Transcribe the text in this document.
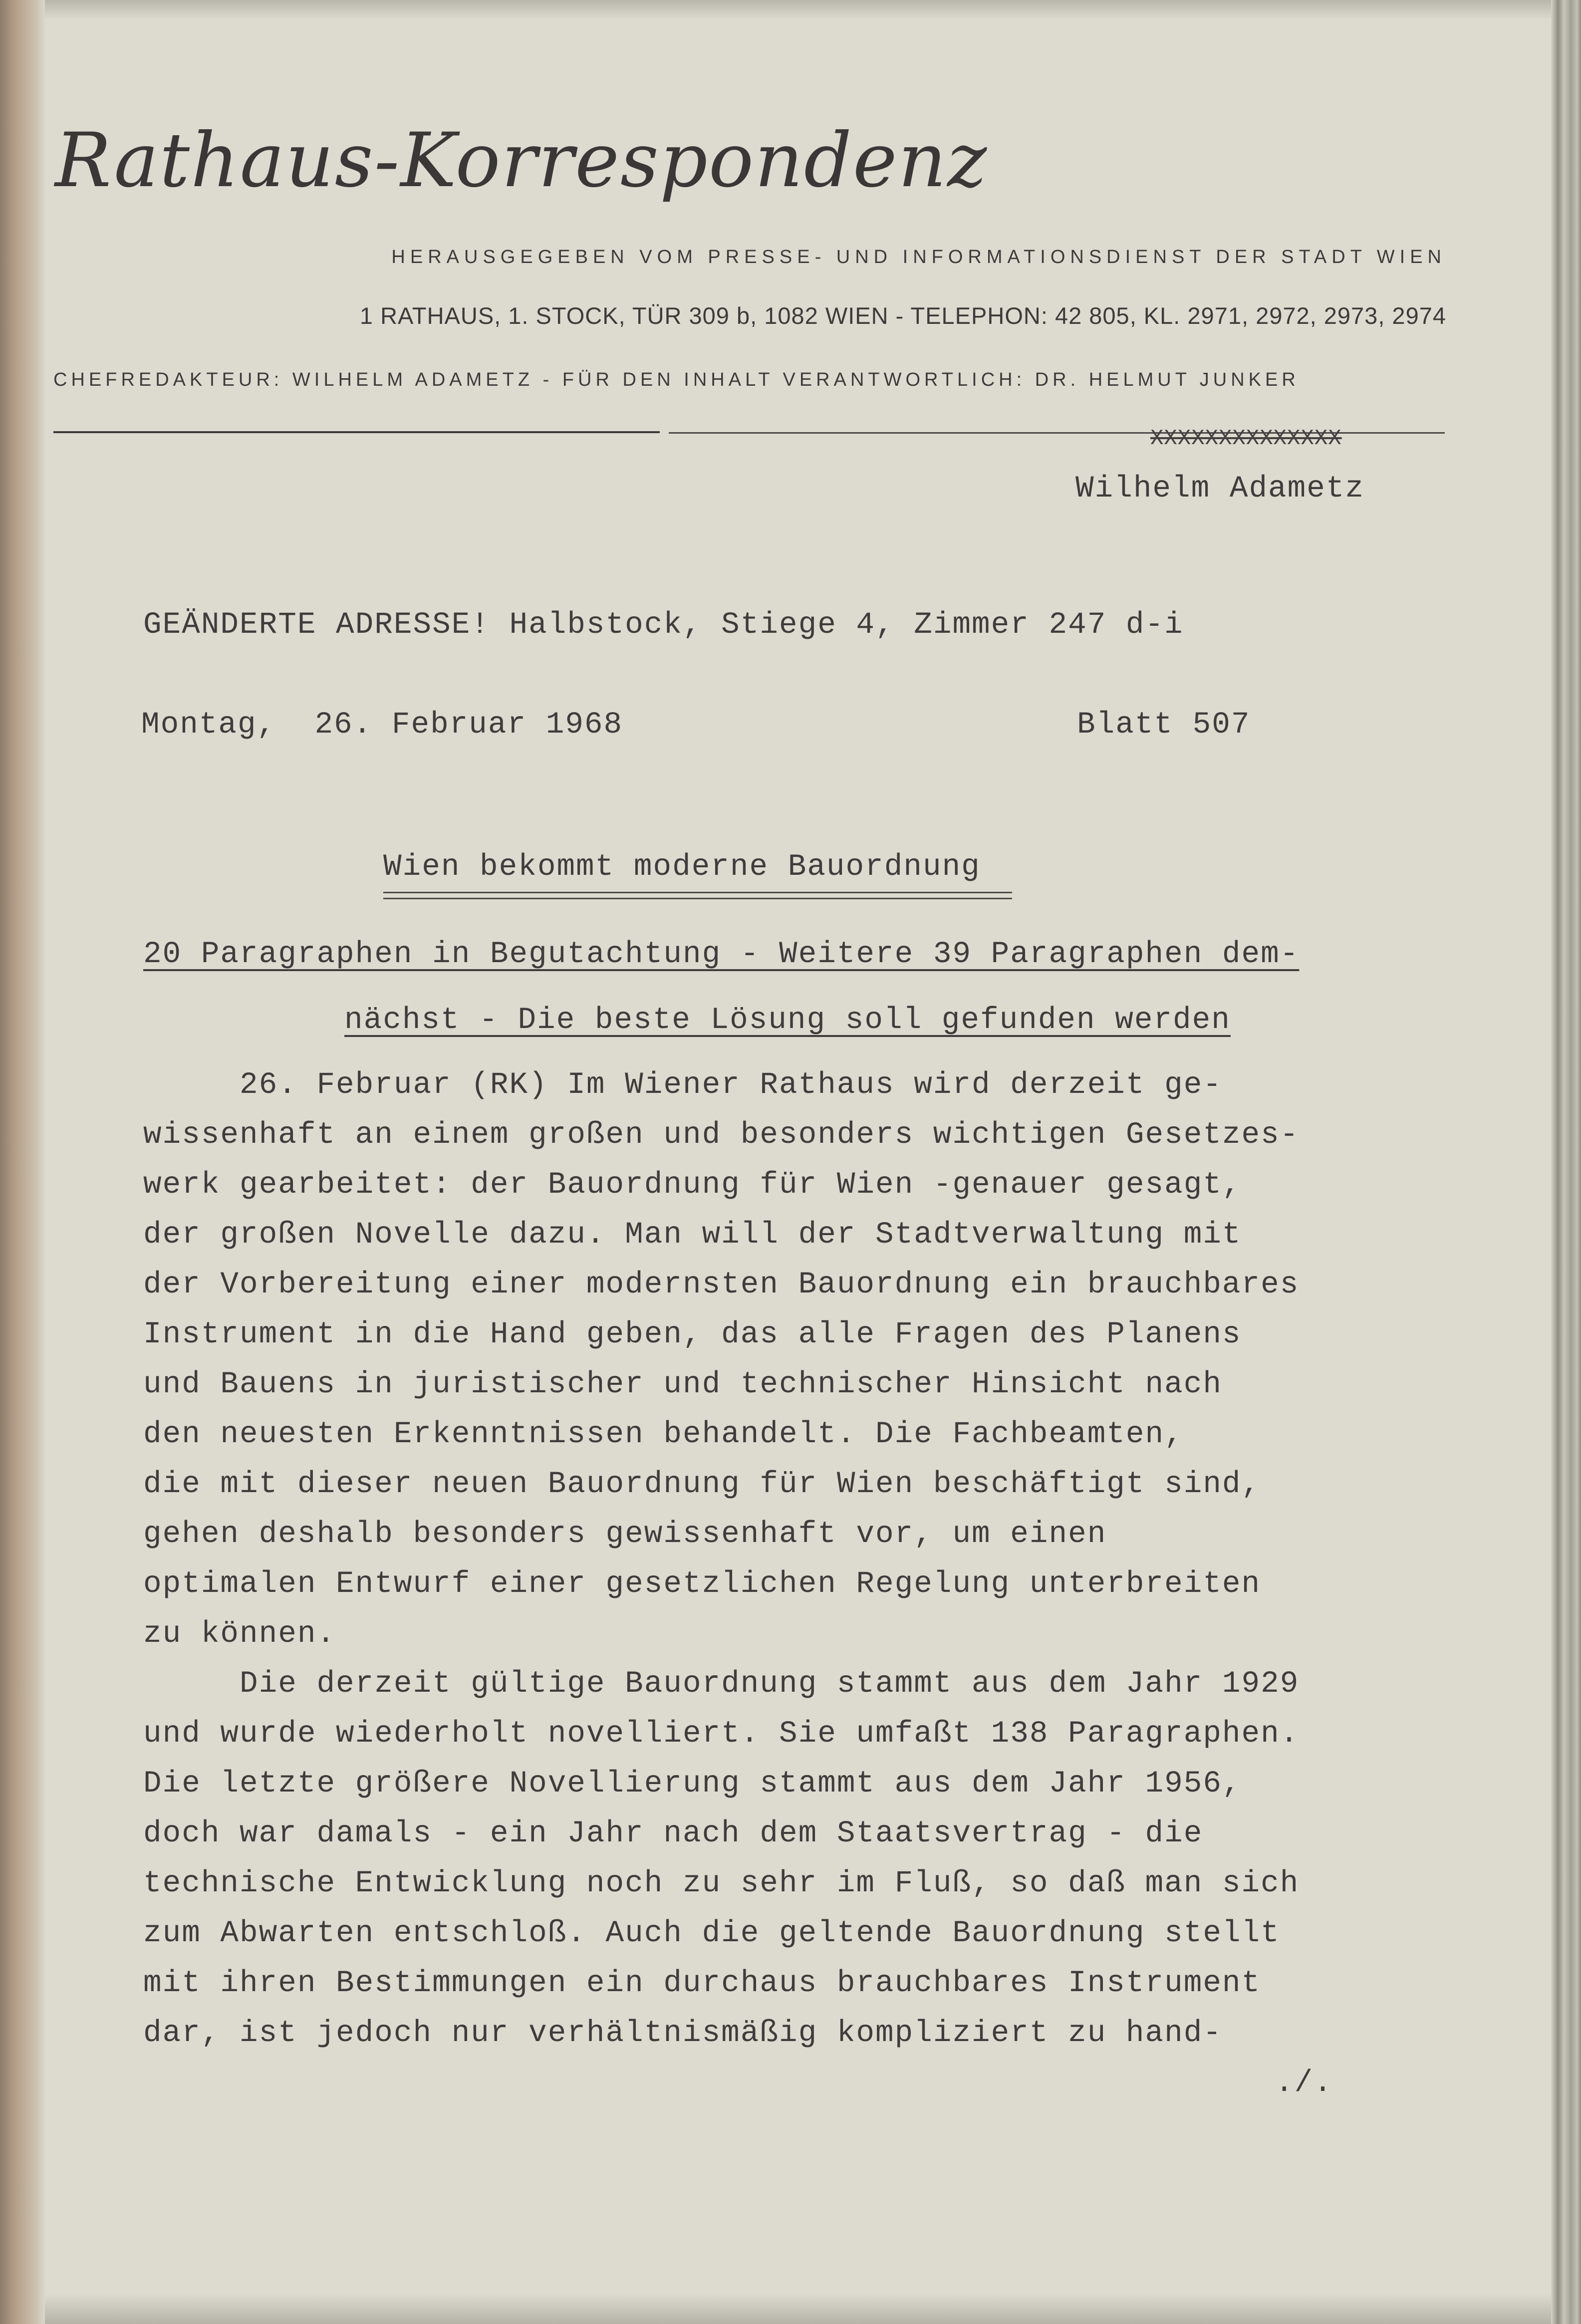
Rathaus-Korrespondenz
HERAUSGEGEBEN VOM PRESSE- UND INFORMATIONSDIENST DER STADT WIEN
1 RATHAUS, 1. STOCK, TÜR 309 b, 1082 WIEN - TELEPHON: 42 805, KL. 2971, 2972, 2973, 2974
CHEFREDAKTEUR: WILHELM ADAMETZ - FÜR DEN INHALT VERANTWORTLICH: DR. HELMUT JUNKER
XXXXXXXXXXXXXX
Wilhelm Adametz
GEÄNDERTE ADRESSE! Halbstock, Stiege 4, Zimmer 247 d-i
Montag,  26. Februar 1968	Blatt 507
Wien bekommt moderne Bauordnung
20 Paragraphen in Begutachtung - Weitere 39 Paragraphen dem-
nächst - Die beste Lösung soll gefunden werden
26. Februar (RK) Im Wiener Rathaus wird derzeit ge-
wissenhaft an einem großen und besonders wichtigen Gesetzes-
werk gearbeitet: der Bauordnung für Wien -genauer gesagt,
der großen Novelle dazu. Man will der Stadtverwaltung mit
der Vorbereitung einer modernsten Bauordnung ein brauchbares
Instrument in die Hand geben, das alle Fragen des Planens
und Bauens in juristischer und technischer Hinsicht nach
den neuesten Erkenntnissen behandelt. Die Fachbeamten,
die mit dieser neuen Bauordnung für Wien beschäftigt sind,
gehen deshalb besonders gewissenhaft vor, um einen
optimalen Entwurf einer gesetzlichen Regelung unterbreiten
zu können.
Die derzeit gültige Bauordnung stammt aus dem Jahr 1929
und wurde wiederholt novelliert. Sie umfaßt 138 Paragraphen.
Die letzte größere Novellierung stammt aus dem Jahr 1956,
doch war damals - ein Jahr nach dem Staatsvertrag - die
technische Entwicklung noch zu sehr im Fluß, so daß man sich
zum Abwarten entschloß. Auch die geltende Bauordnung stellt
mit ihren Bestimmungen ein durchaus brauchbares Instrument
dar, ist jedoch nur verhältnismäßig kompliziert zu hand-
./.
